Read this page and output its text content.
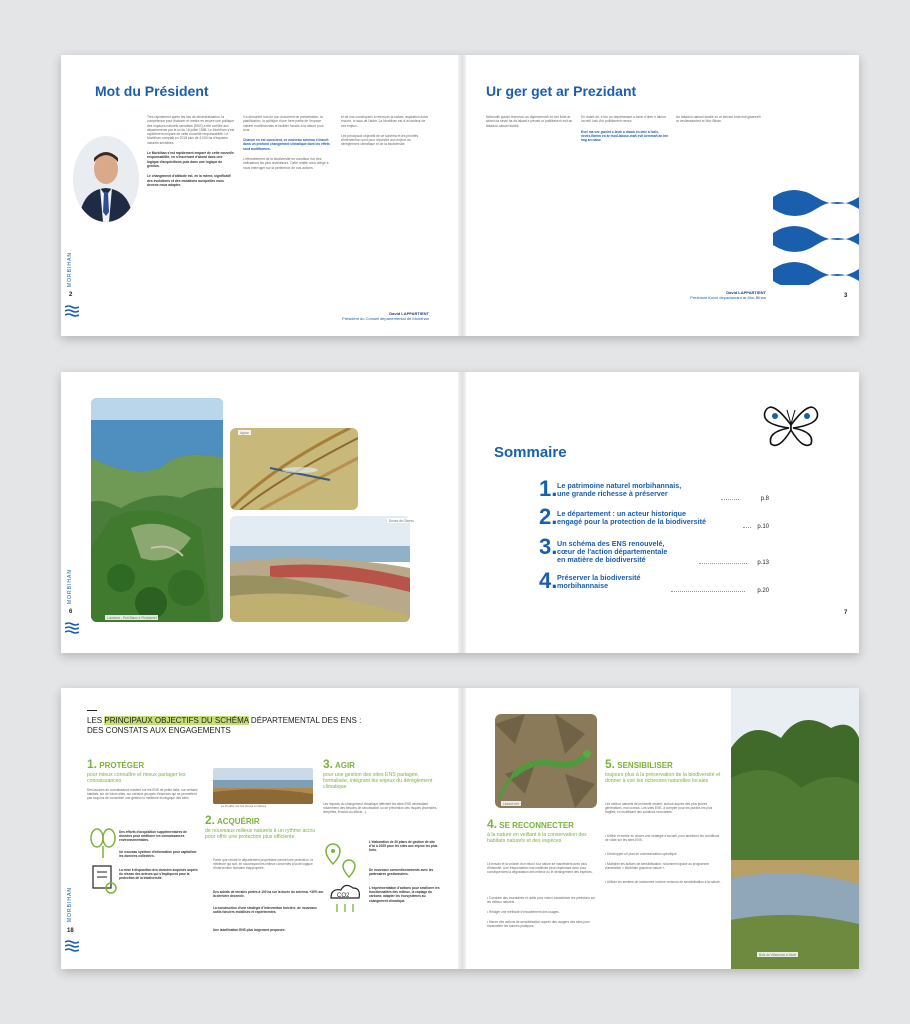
Mot du Président
MORBIHAN
2
Très rapidement après les lois de décentralisation, la compétence pour élaborer et mettre en œuvre une politique des espaces naturels sensibles (ENS) a été confiée aux départements par la loi du 18 juillet 1985. Le Morbihan s'est rapidement emparé de cette nouvelle responsabilité. Le Morbihan comptait en 2018 plus de 4 000 ha d'espaces naturels sensibles.
Le Morbihan s'est rapidement emparé de cette nouvelle responsabilité, en s'inscrivant d'abord dans une logique d'acquisitions puis dans une logique de gestion.
Le changement d'attitude est, en la même, significatif des évolutions et des mutations auxquelles nous devons nous adapter.
Il a démontré lors de son document de présentation, la planification, la politique d'une forte partie de l'espace naturel morbihannais et faciliter l'accès à la nature pour tous.
Chacun en est conscient, ce nouveau schéma s'inscrit dans un profond changement climatique dont les effets sont multiformes.
L'effondrement de la biodiversité en constitue l'un des indicateurs les plus révélateurs. Cette réalité nous oblige à nous interroger sur la pertinence de nos actions.
et de nos concitoyens à retrouver la nature, aspiration avive encore, à nous de l'aider. La Morbihan est à la hauteur de ces enjeux.
Les principaux objectifs de ce schéma et les priorités d'intervention sont pour répondre aux enjeux du dérèglement climatique et de la biodiversité.
David LAPPARTIENT
Président du Conseil départemental du Morbihan
Ur ger get ar Prezidant
Nebeudik goude lezennoù an digreizennañ eo bet fiziet ar skiant da sevel ha da lakaat e pleustr ur politikerezh evit an takadoù naturel kizidik.
En doare-se, e teu an departamant a-benn d'ober e labour ha reiñ lusk d'ur politikerezh nevez.
Evel ma vez gwelet e-leizh a draoù en deiz a hiziv, nevez-flamm eo ar mod-labour-mañ evit kemmañ an hin hag an natur.
An takadoù naturel kizidik zo ur binvioù bras evit gwareziñ ar vevliesseurted er Mor-Bihan.
David LAPPARTIENT
Prezidant Kuzul departamant ar Mor-Bihan	3
Lotokeno - Port Blanc à Plouharnel
Agrion
Dunes de Gâvres
MORBIHAN
6
Sommaire
1. Le patrimoine naturel morbihannais,
une grande richesse à préserver
p.8
2. Le département : un acteur historique
engagé pour la protection de la biodiversité
p.10
3. Un schéma des ENS renouvelé,
cœur de l'action départementale
en matière de biodiversité	p.13
4. Préserver la biodiversité
morbihannaise
p.20
7
LES PRINCIPAUX OBJECTIFS DU SCHÉMA DÉPARTEMENTAL DES ENS :
DES CONSTATS AUX ENGAGEMENTS
1. PROTÉGER
pour mieux connaître et mieux partager les connaissances
Des lacunes de connaissance existent sur les ENS de petite taille, sur certains habitats, sur de futurs sites, sur certains groupes d'espèces qui ne permettent pas toujours de consolider une gestion la meilleure écologique des sites.
Des efforts d'acquisition supplémentaires de données pour améliorer les connaissances environnementales.
Un nouveau système d'information pour capitaliser les données collectées.
La mise à disposition des données acquises auprès du réseau des acteurs qui s'impliquent pour la protection de la biodiversité.
Le Poulfot sur les dunes à Gâvres
2. ACQUÉRIR
de nouveaux milieux naturels à un rythme accru pour offrir une protection plus efficiente
Parce que rendre le département propriétaire permet une protection, la meilleure qui soit, en soustrayant les milieux concernés à toute logique d'intervention humaine inappropriée.
Des achats de terrains portés à 100 ha sur la durée du schéma, +30% sur la dernière décennie.
La construction d'une stratégie d'intervention foncière, de nouveaux outils fonciers mobilisés et expérimentés.
Une labellisation ENS plus largement proposée.
3. AGIR
pour une gestion des sites ENS partagée, formalisée, intégrant les enjeux du dérèglement climatique
Les impacts du changement climatique affectent les sites ENS nécessitant notamment des besoins de sécurisation ou de prévention des risques (incendies, tempêtes, érosion du littoral...).
CO2
L'élaboration de 20 plans de gestion de site d'ici à 2025 pour les sites aux enjeux les plus forts.
De nouveaux conventionnements avec les partenaires gestionnaires.
L'expérimentation d'actions pour améliorer les fonctionnalités des milieux, la captage du carbone, adapter les écosystèmes au changement climatique.
MORBIHAN
18
Lézard vert
4. SE RECONNECTER
à la nature en veillant à la conservation des habitats naturels et des espèces
Le besoin et la volonté d'un retour à la nature se manifestent avec plus d'intensité. Une fréquentation mal maîtrisée peut cependant avoir pour conséquences la dégradation des milieux ou le dérangement des espèces.
• Conduire des inventaires et outils pour mieux caractériser les pressions sur les milieux naturels.
• Rédiger une méthode d'encadrement des usages.
• Mener des actions de sensibilisation auprès des usagers des sites pour transmettre les bonnes pratiques.
5. SENSIBILISER
toujours plus à la préservation de la biodiversité et donner à voir les richesses naturelles locales
Les milieux naturels de proximité restent, surtout auprès des plus jeunes générations, mal connus. Les sites ENS, à compter pour les publics les plus fragiles, en mobilisant des solutions innovantes.
• Définir et mettre en œuvre une stratégie d'accueil, pour améliorer les conditions de visite sur les sites ENS.
• Développer un plan de communication spécifique.
• Multiplier les actions de sensibilisation, notamment grâce au programme d'animation « Morbihan grandeur nature ».
• Utiliser les sentiers de randonnée comme vecteurs de sensibilisation à la nature.
Bois de Villeneuve à Séné
